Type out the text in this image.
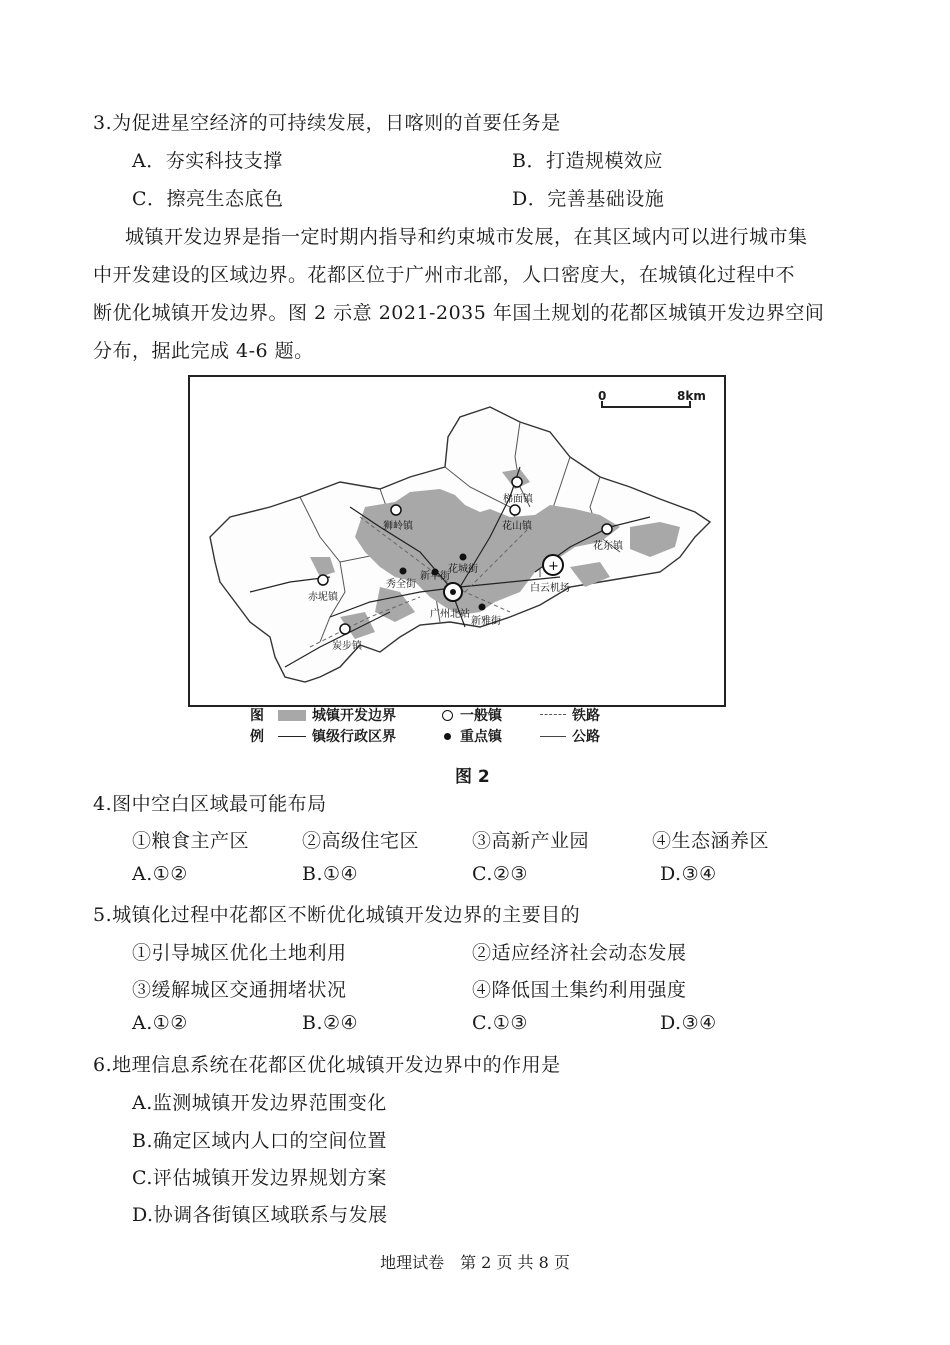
3.为促进星空经济的可持续发展，日喀则的首要任务是
A．夯实科技支撑	B．打造规模效应
C．擦亮生态底色	D．完善基础设施
城镇开发边界是指一定时期内指导和约束城市发展，在其区域内可以进行城市集
中开发建设的区域边界。花都区位于广州市北部，人口密度大，在城镇化过程中不
断优化城镇开发边界。图 2 示意 2021-2035 年国土规划的花都区城镇开发边界空间
分布，据此完成 4-6 题。
+
0	8km
梯面镇
狮岭镇	花山镇
花东镇
花城街
秀全街
新华街
新雅街
白云机场
赤坭镇
炭步镇
广州北站
图
例
城镇开发边界
镇级行政区界
一般镇
重点镇
铁路
公路
图 2
4.图中空白区域最可能布局
①粮食主产区	②高级住宅区	③高新产业园	④生态涵养区
A.①②	B.①④	C.②③	D.③④
5.城镇化过程中花都区不断优化城镇开发边界的主要目的
①引导城区优化土地利用	②适应经济社会动态发展
③缓解城区交通拥堵状况	④降低国土集约利用强度
A.①②	B.②④	C.①③	D.③④
6.地理信息系统在花都区优化城镇开发边界中的作用是
A.监测城镇开发边界范围变化
B.确定区域内人口的空间位置
C.评估城镇开发边界规划方案
D.协调各街镇区域联系与发展
地理试卷　第 2 页 共 8 页
